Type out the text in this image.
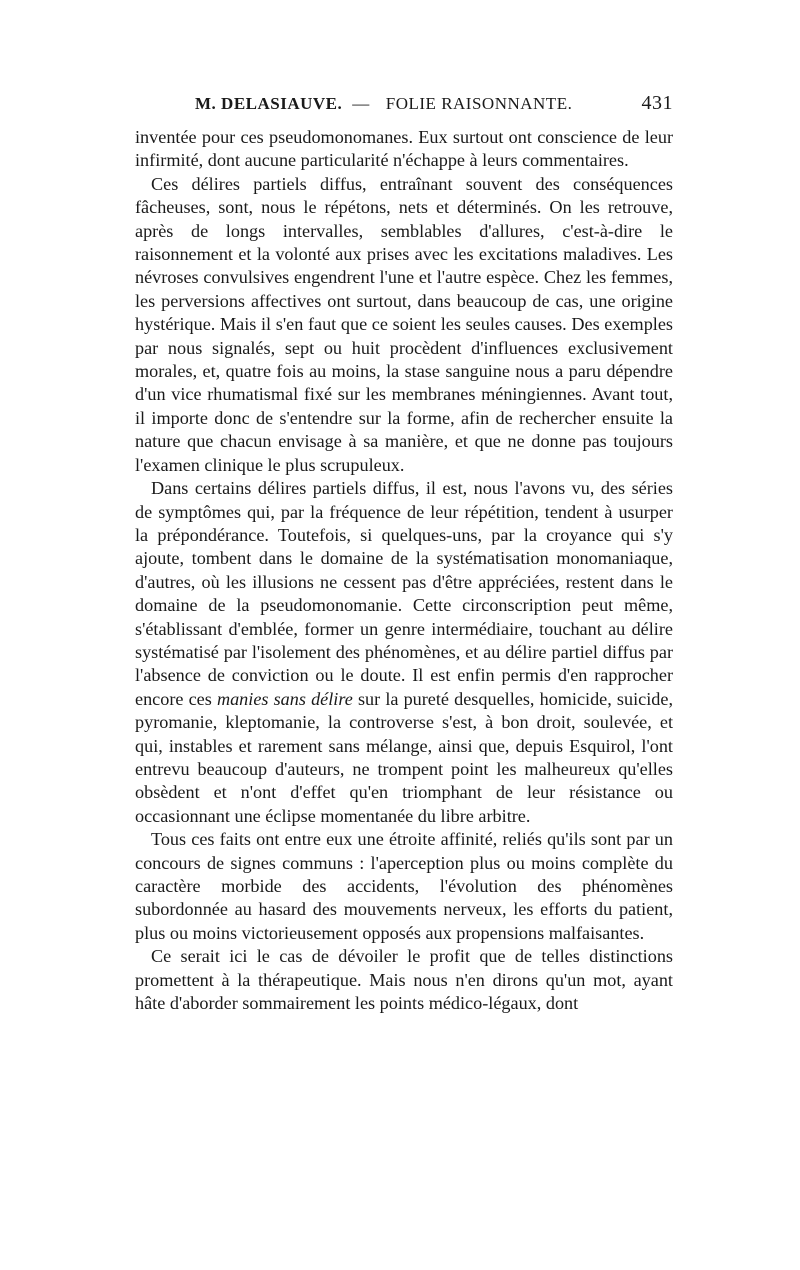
M. DELASIAUVE. — FOLIE RAISONNANTE.	431

inventée pour ces pseudomonomanes. Eux surtout ont conscience de leur infirmité, dont aucune particularité n'échappe à leurs commentaires.

Ces délires partiels diffus, entraînant souvent des conséquences fâcheuses, sont, nous le répétons, nets et déterminés. On les retrouve, après de longs intervalles, semblables d'allures, c'est-à-dire le raisonnement et la volonté aux prises avec les excitations maladives. Les névroses convulsives engendrent l'une et l'autre espèce. Chez les femmes, les perversions affectives ont surtout, dans beaucoup de cas, une origine hystérique. Mais il s'en faut que ce soient les seules causes. Des exemples par nous signalés, sept ou huit procèdent d'influences exclusivement morales, et, quatre fois au moins, la stase sanguine nous a paru dépendre d'un vice rhumatismal fixé sur les membranes méningiennes. Avant tout, il importe donc de s'entendre sur la forme, afin de rechercher ensuite la nature que chacun envisage à sa manière, et que ne donne pas toujours l'examen clinique le plus scrupuleux.

Dans certains délires partiels diffus, il est, nous l'avons vu, des séries de symptômes qui, par la fréquence de leur répétition, tendent à usurper la prépondérance. Toutefois, si quelques-uns, par la croyance qui s'y ajoute, tombent dans le domaine de la systématisation monomaniaque, d'autres, où les illusions ne cessent pas d'être appréciées, restent dans le domaine de la pseudomonomanie. Cette circonscription peut même, s'établissant d'emblée, former un genre intermédiaire, touchant au délire systématisé par l'isolement des phénomènes, et au délire partiel diffus par l'absence de conviction ou le doute. Il est enfin permis d'en rapprocher encore ces manies sans délire sur la pureté desquelles, homicide, suicide, pyromanie, kleptomanie, la controverse s'est, à bon droit, soulevée, et qui, instables et rarement sans mélange, ainsi que, depuis Esquirol, l'ont entrevu beaucoup d'auteurs, ne trompent point les malheureux qu'elles obsèdent et n'ont d'effet qu'en triomphant de leur résistance ou occasionnant une éclipse momentanée du libre arbitre.

Tous ces faits ont entre eux une étroite affinité, reliés qu'ils sont par un concours de signes communs : l'aperception plus ou moins complète du caractère morbide des accidents, l'évolution des phénomènes subordonnée au hasard des mouvements nerveux, les efforts du patient, plus ou moins victorieusement opposés aux propensions malfaisantes.

Ce serait ici le cas de dévoiler le profit que de telles distinctions promettent à la thérapeutique. Mais nous n'en dirons qu'un mot, ayant hâte d'aborder sommairement les points médico-légaux, dont
